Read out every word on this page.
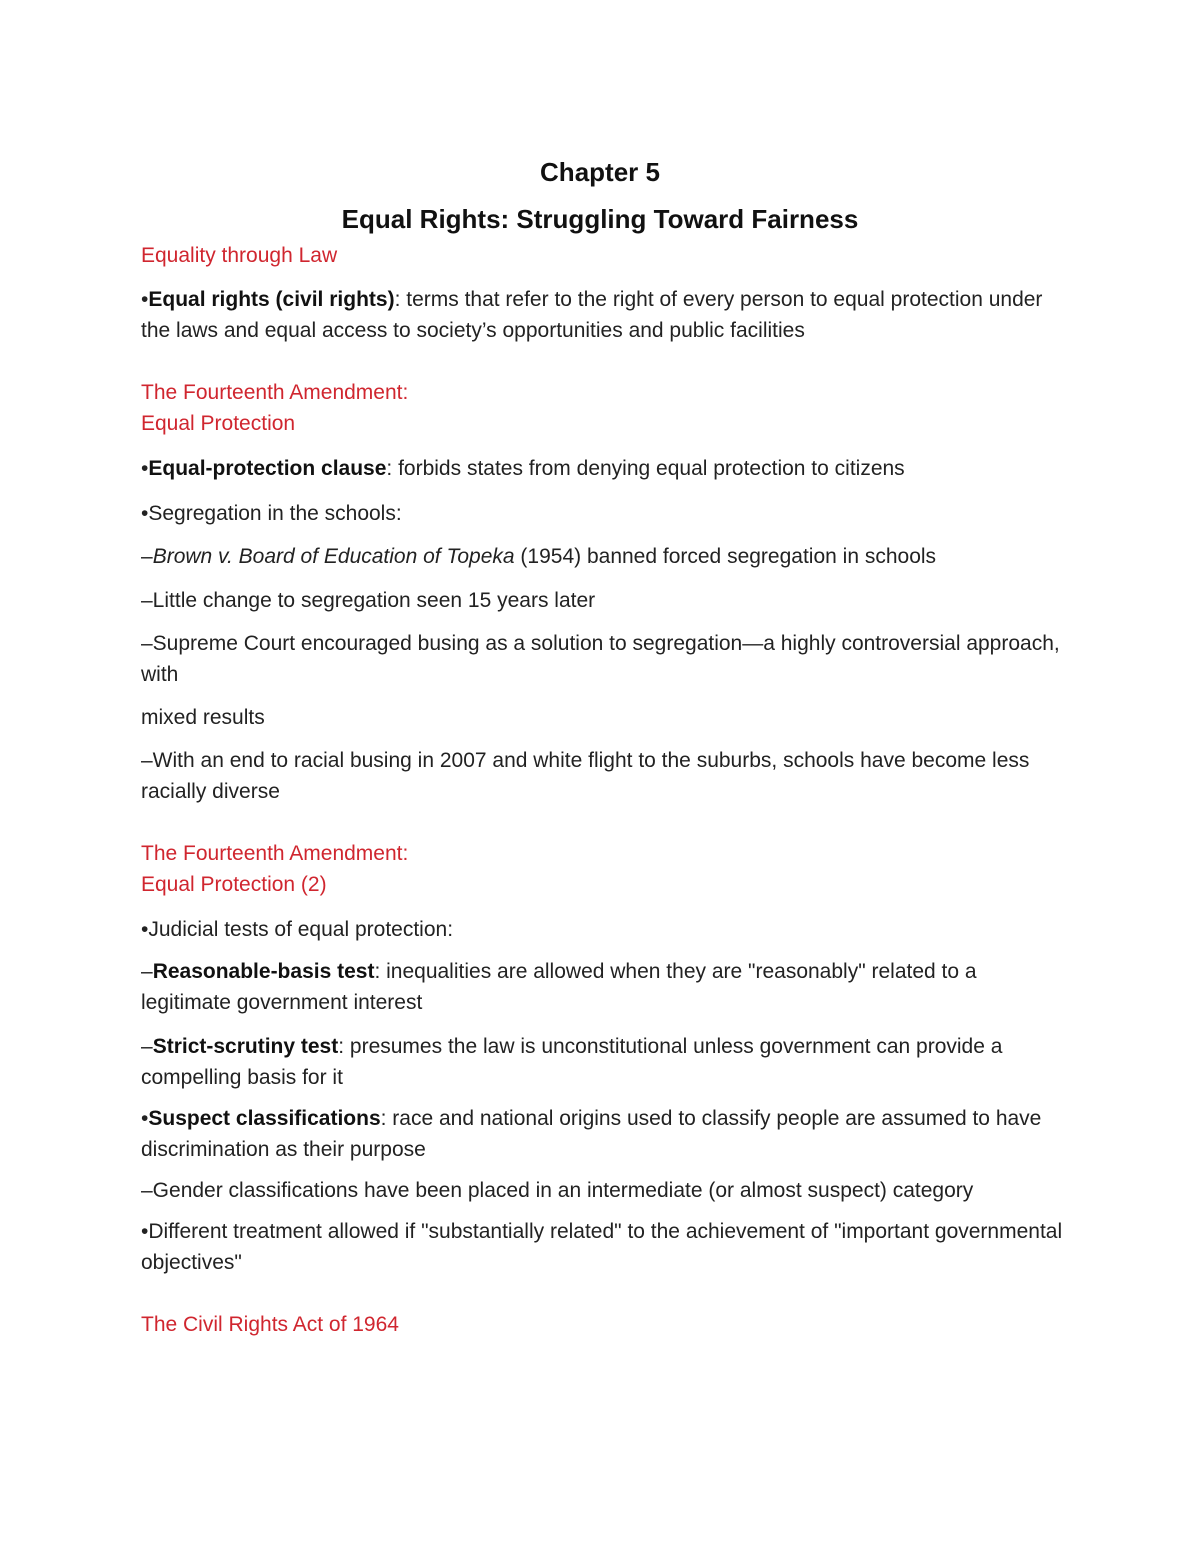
Chapter 5
Equal Rights: Struggling Toward Fairness

Equality through Law

•Equal rights (civil rights): terms that refer to the right of every person to equal protection under the laws and equal access to society’s opportunities and public facilities

The Fourteenth Amendment:

Equal Protection

•Equal-protection clause: forbids states from denying equal protection to citizens

•Segregation in the schools:

–Brown v. Board of Education of Topeka (1954) banned forced segregation in schools

–Little change to segregation seen 15 years later

–Supreme Court encouraged busing as a solution to segregation—a highly controversial approach, with

mixed results

–With an end to racial busing in 2007 and white flight to the suburbs, schools have become less racially diverse

The Fourteenth Amendment:

Equal Protection (2)

•Judicial tests of equal protection:

–Reasonable-basis test: inequalities are allowed when they are "reasonably" related to a legitimate government interest

–Strict-scrutiny test: presumes the law is unconstitutional unless government can provide a compelling basis for it

•Suspect classifications: race and national origins used to classify people are assumed to have discrimination as their purpose

–Gender classifications have been placed in an intermediate (or almost suspect) category

•Different treatment allowed if "substantially related" to the achievement of "important governmental objectives"

The Civil Rights Act of 1964
